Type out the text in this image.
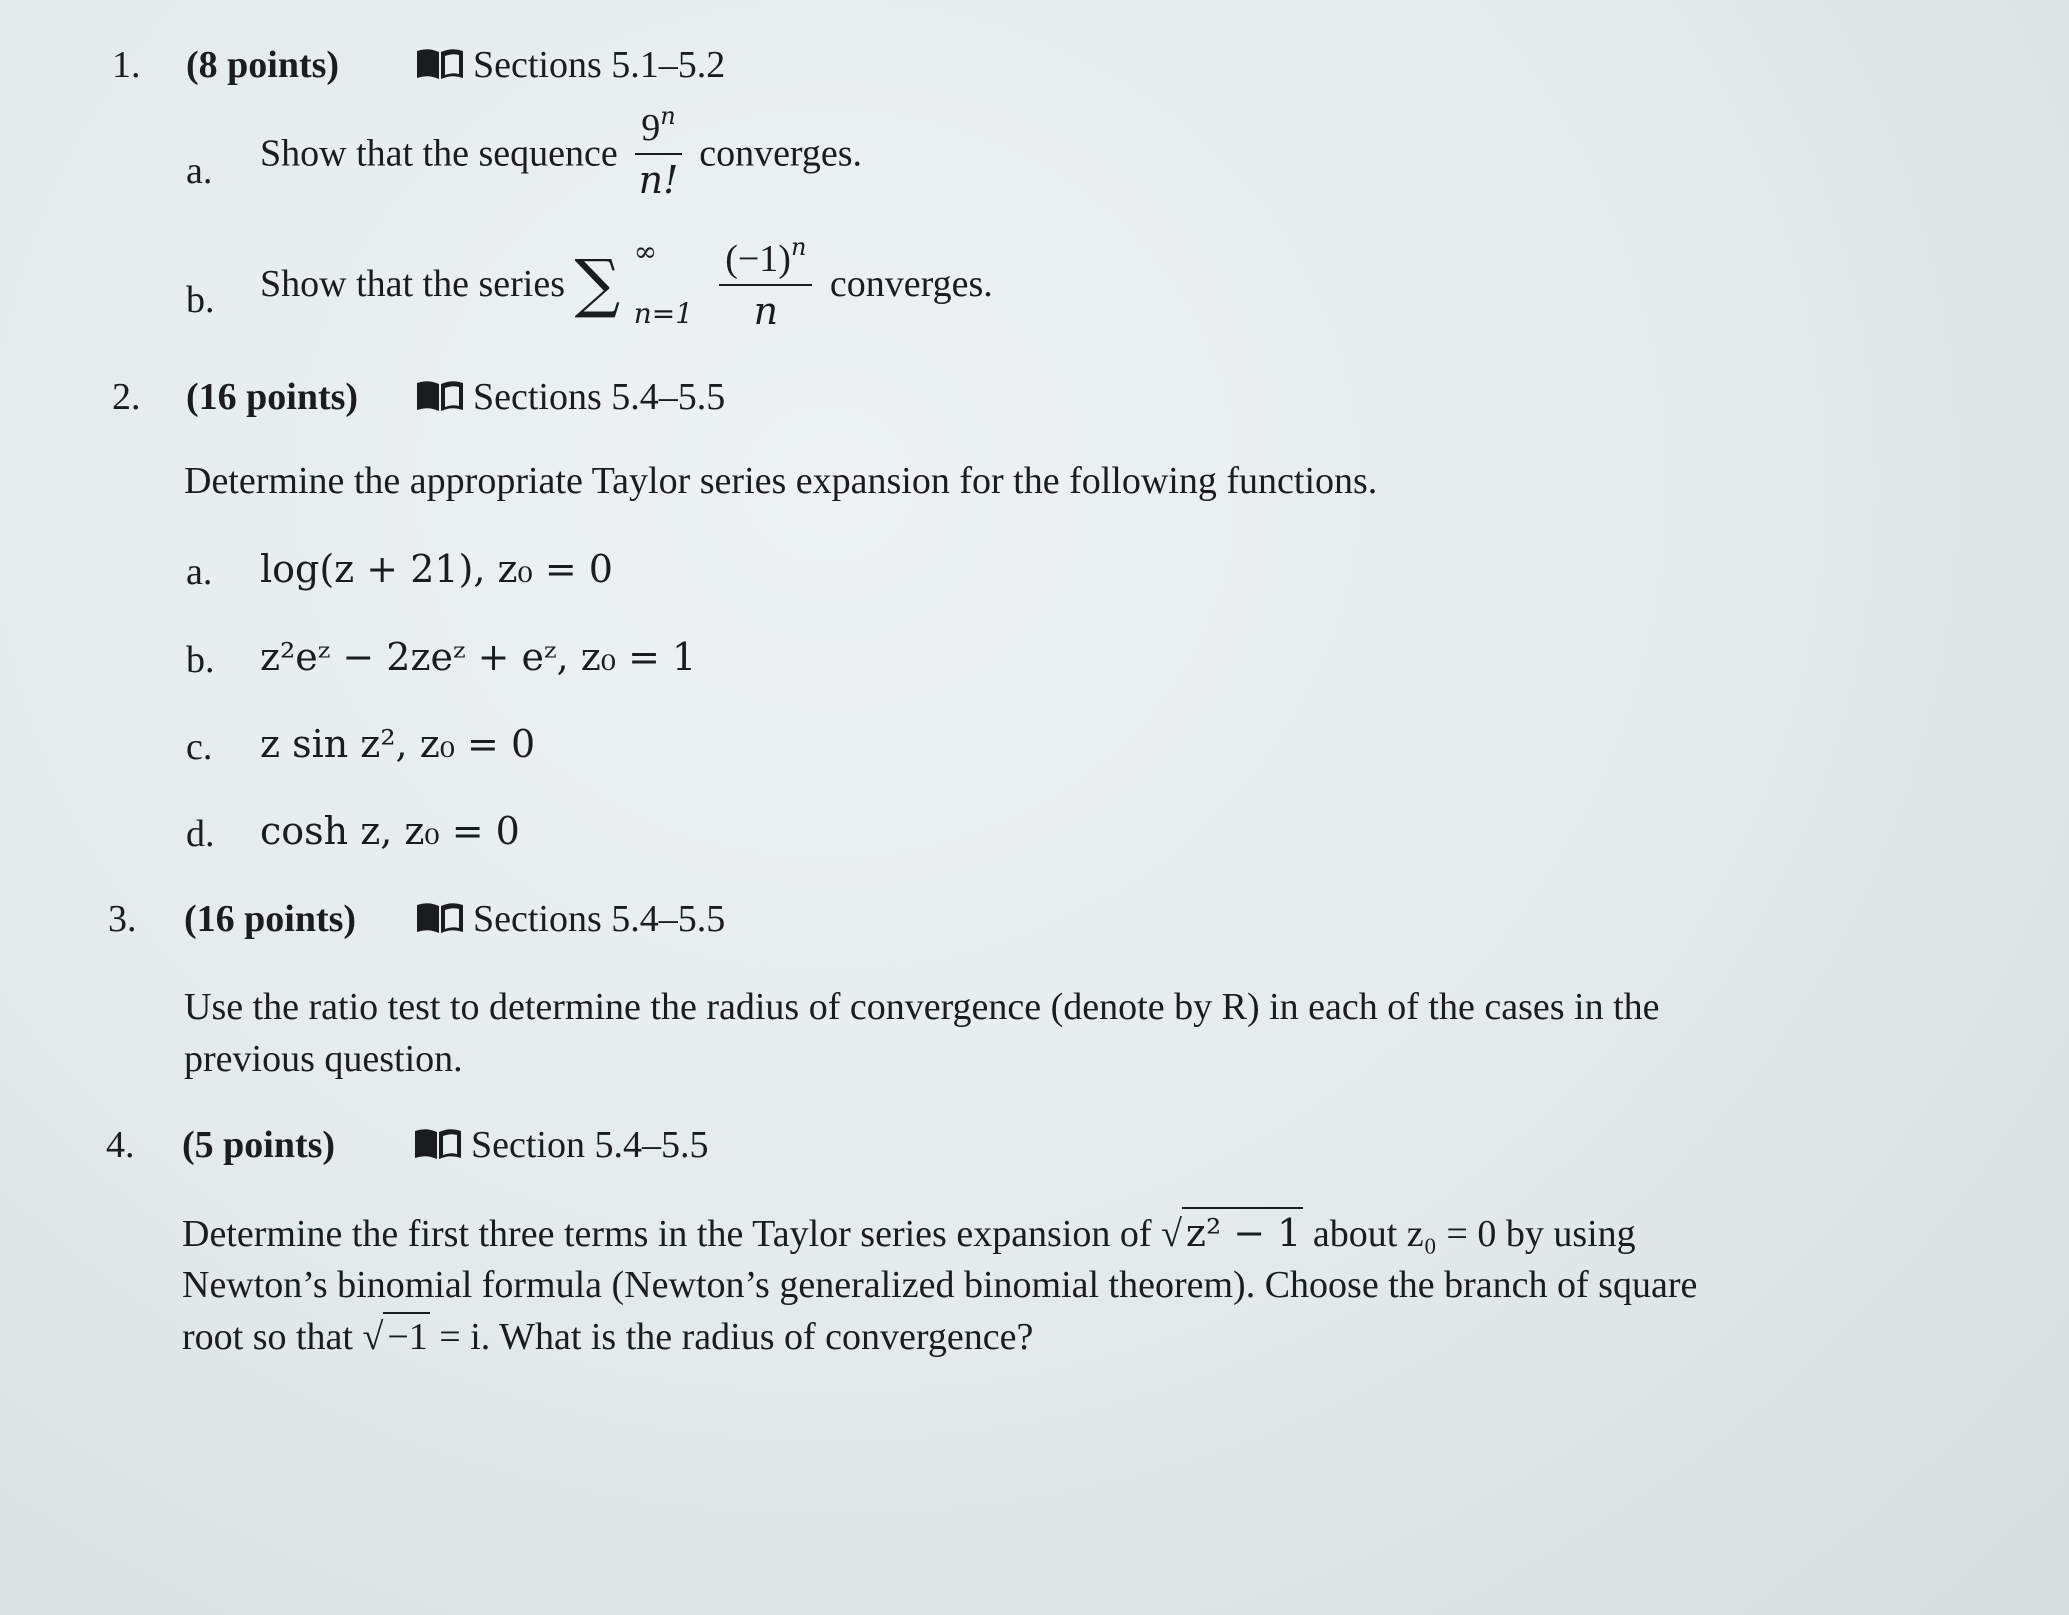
1. (8 points)	Sections 5.1–5.2
a. Show that the sequence $\frac{9^n}{n!}$ converges.
b. Show that the series ∑ ∞
n=1
$\frac{(-1)^n}{n}$ converges.
2. (16 points)	Sections 5.4–5.5
Determine the appropriate Taylor series expansion for the following functions.
a. log(z + 21), z₀ = 0
b. z²eᶻ − 2zeᶻ + eᶻ, z₀ = 1
c. z sin z², z₀ = 0
d. cosh z, z₀ = 0
3. (16 points)	Sections 5.4–5.5
Use the ratio test to determine the radius of convergence (denote by R) in each of the cases in the
previous question.
4. (5 points)	Section 5.4–5.5
Determine the first three terms in the Taylor series expansion of √ z² − 1 about z₀ = 0 by using
Newton’s binomial formula (Newton’s generalized binomial theorem). Choose the branch of square
root so that √ −1 = i. What is the radius of convergence?
